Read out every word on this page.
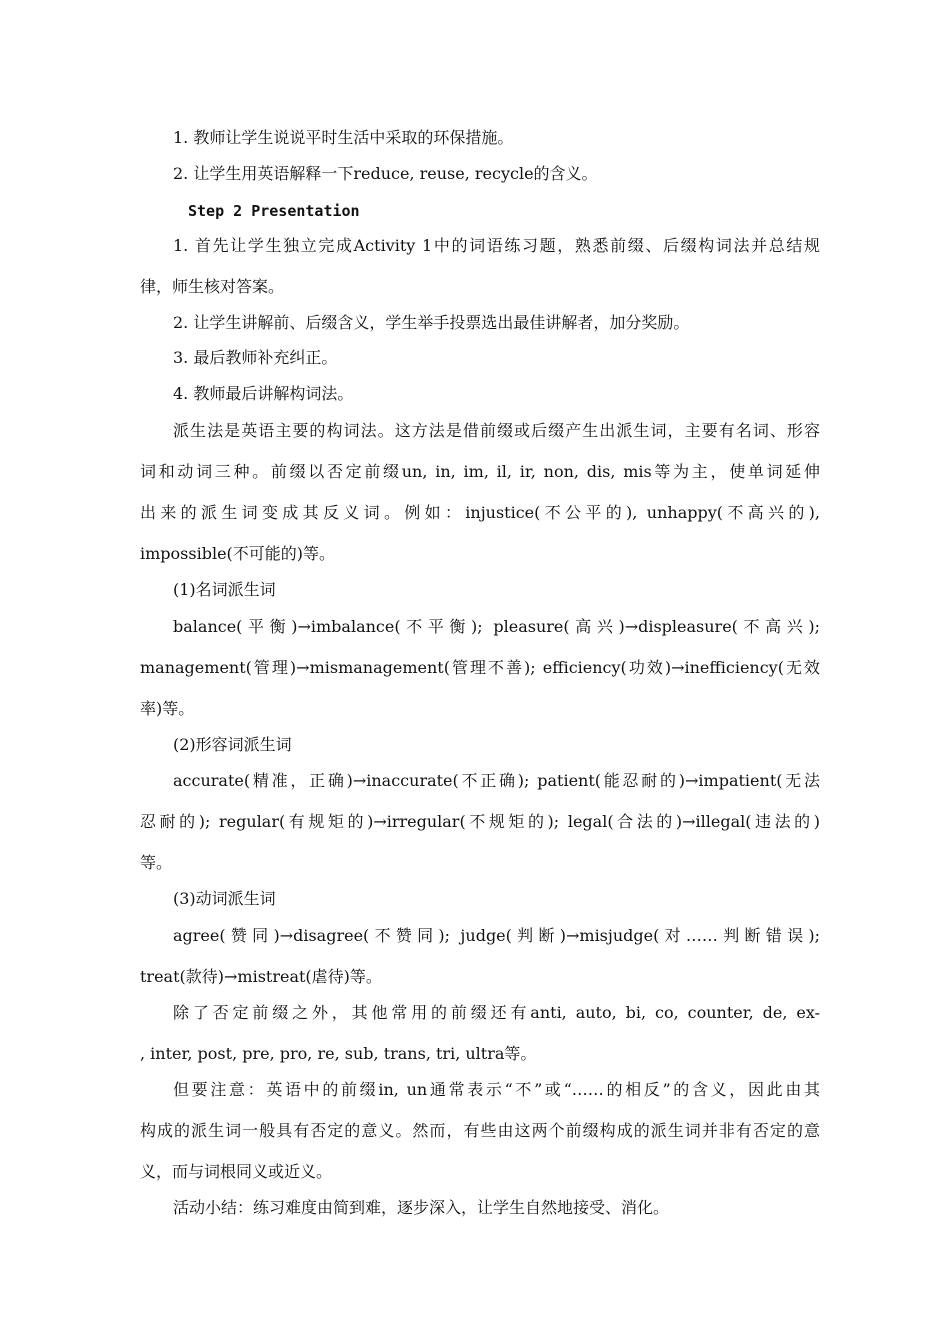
1. 教师让学生说说平时生活中采取的环保措施。
2. 让学生用英语解释一下reduce, reuse, recycle的含义。
Step 2 Presentation
1. 首先让学生独立完成Activity 1中的词语练习题，熟悉前缀、后缀构词法并总结规
律，师生核对答案。
2. 让学生讲解前、后缀含义，学生举手投票选出最佳讲解者，加分奖励。
3. 最后教师补充纠正。
4. 教师最后讲解构词法。
派生法是英语主要的构词法。这方法是借前缀或后缀产生出派生词，主要有名词、形容
词和动词三种。前缀以否定前缀un, in, im, il, ir, non, dis, mis等为主，使单词延伸
出来的派生词变成其反义词。例如：injustice(不公平的), unhappy(不高兴的),
impossible(不可能的)等。
(1)名词派生词
balance(平衡)→imbalance(不平衡); pleasure(高兴)→displeasure(不高兴);
management(管理)→mismanagement(管理不善); efficiency(功效)→inefficiency(无效
率)等。
(2)形容词派生词
accurate(精准，正确)→inaccurate(不正确); patient(能忍耐的)→impatient(无法
忍耐的); regular(有规矩的)→irregular(不规矩的); legal(合法的)→illegal(违法的)
等。
(3)动词派生词
agree(赞同)→disagree(不赞同); judge(判断)→misjudge(对……判断错误);
treat(款待)→mistreat(虐待)等。
除了否定前缀之外，其他常用的前缀还有anti, auto, bi, co, counter, de, ex-
, inter, post, pre, pro, re, sub, trans, tri, ultra等。
但要注意：英语中的前缀in, un通常表示“不”或“……的相反”的含义，因此由其
构成的派生词一般具有否定的意义。然而，有些由这两个前缀构成的派生词并非有否定的意
义，而与词根同义或近义。
活动小结：练习难度由简到难，逐步深入，让学生自然地接受、消化。
